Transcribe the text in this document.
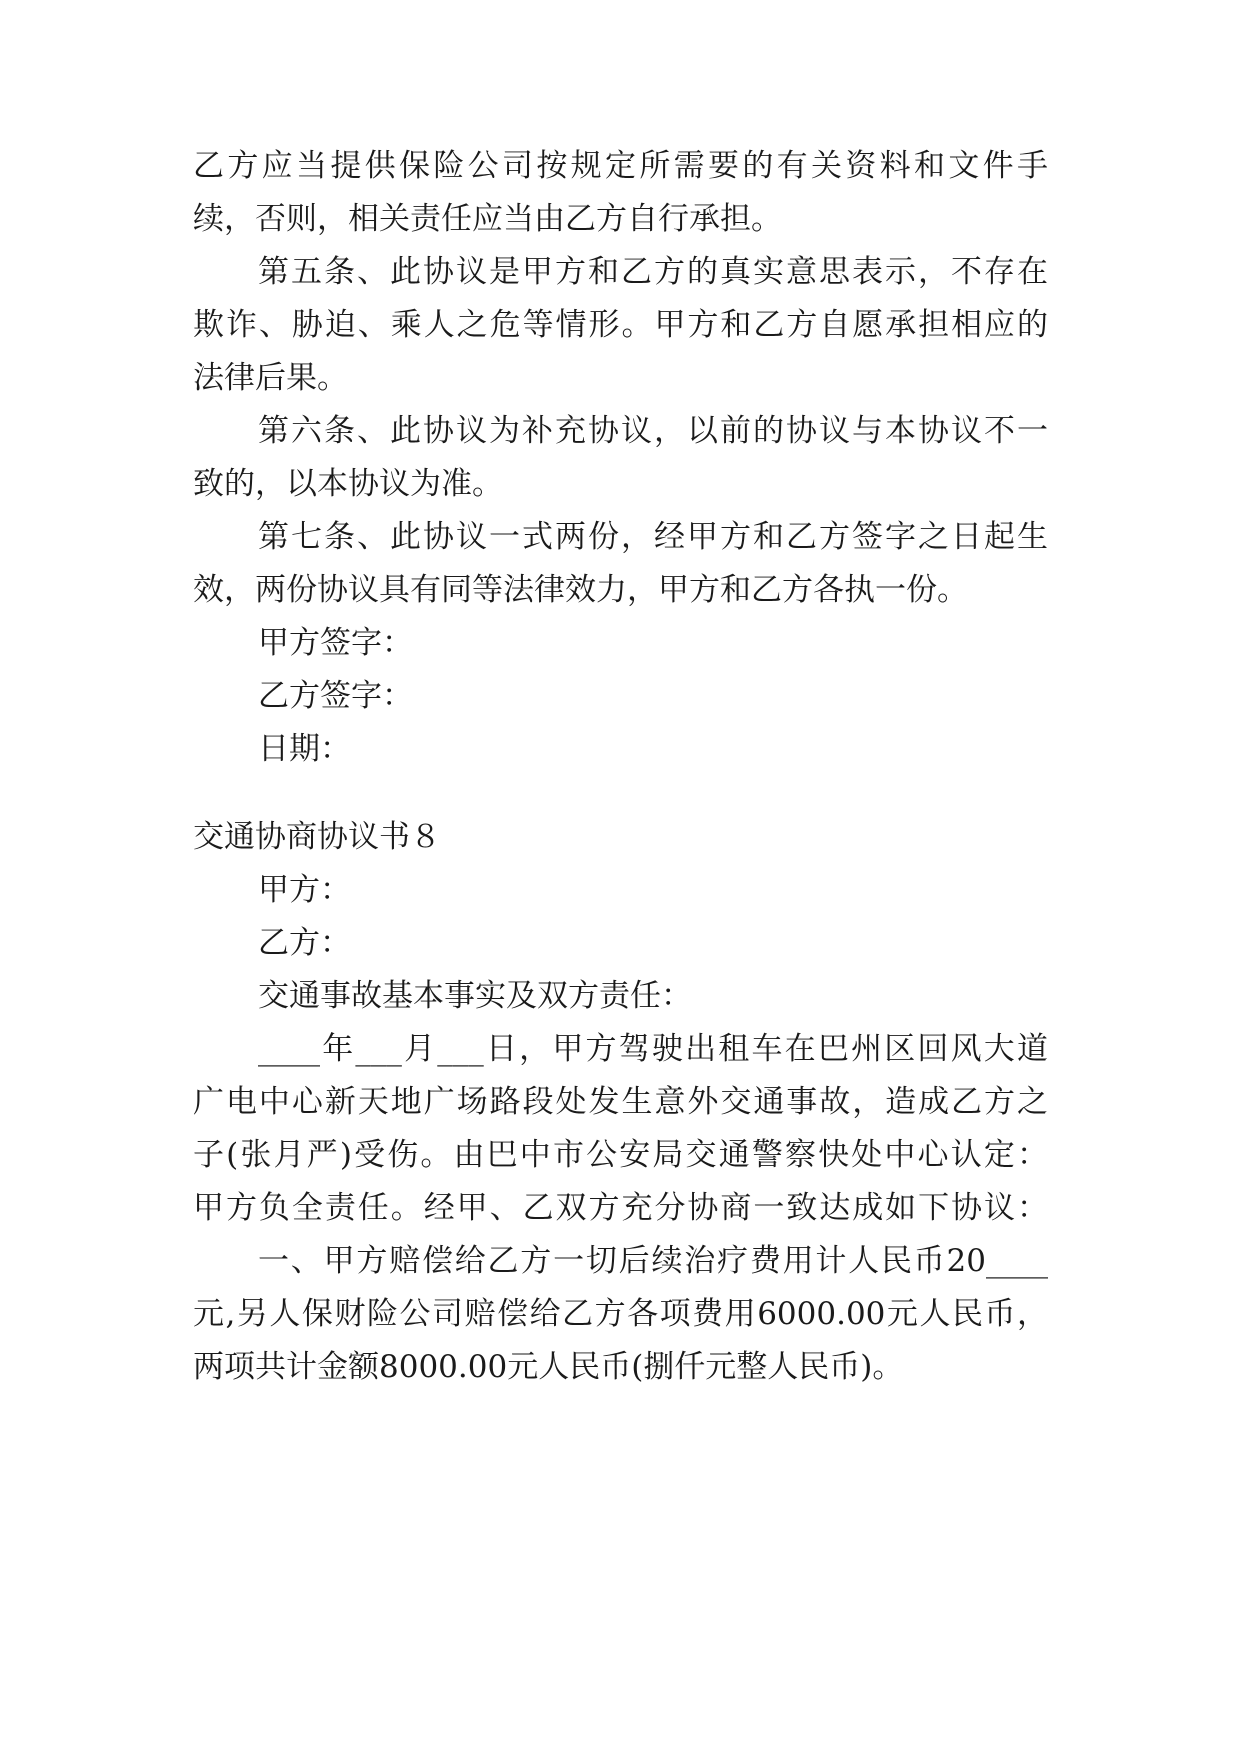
乙方应当提供保险公司按规定所需要的有关资料和文件手
续，否则，相关责任应当由乙方自行承担。
第五条、此协议是甲方和乙方的真实意思表示，不存在
欺诈、胁迫、乘人之危等情形。甲方和乙方自愿承担相应的
法律后果。
第六条、此协议为补充协议，以前的协议与本协议不一
致的，以本协议为准。
第七条、此协议一式两份，经甲方和乙方签字之日起生
效，两份协议具有同等法律效力，甲方和乙方各执一份。
甲方签字：
乙方签字：
日期：
交通协商协议书８
甲方：
乙方：
交通事故基本事实及双方责任：
____年___月___日，甲方驾驶出租车在巴州区回风大道
广电中心新天地广场路段处发生意外交通事故，造成乙方之
子(张月严)受伤。由巴中市公安局交通警察快处中心认定：
甲方负全责任。经甲、乙双方充分协商一致达成如下协议：
一、甲方赔偿给乙方一切后续治疗费用计人民币20____
元,另人保财险公司赔偿给乙方各项费用6000.00元人民币，
两项共计金额8000.00元人民币(捌仟元整人民币)。
